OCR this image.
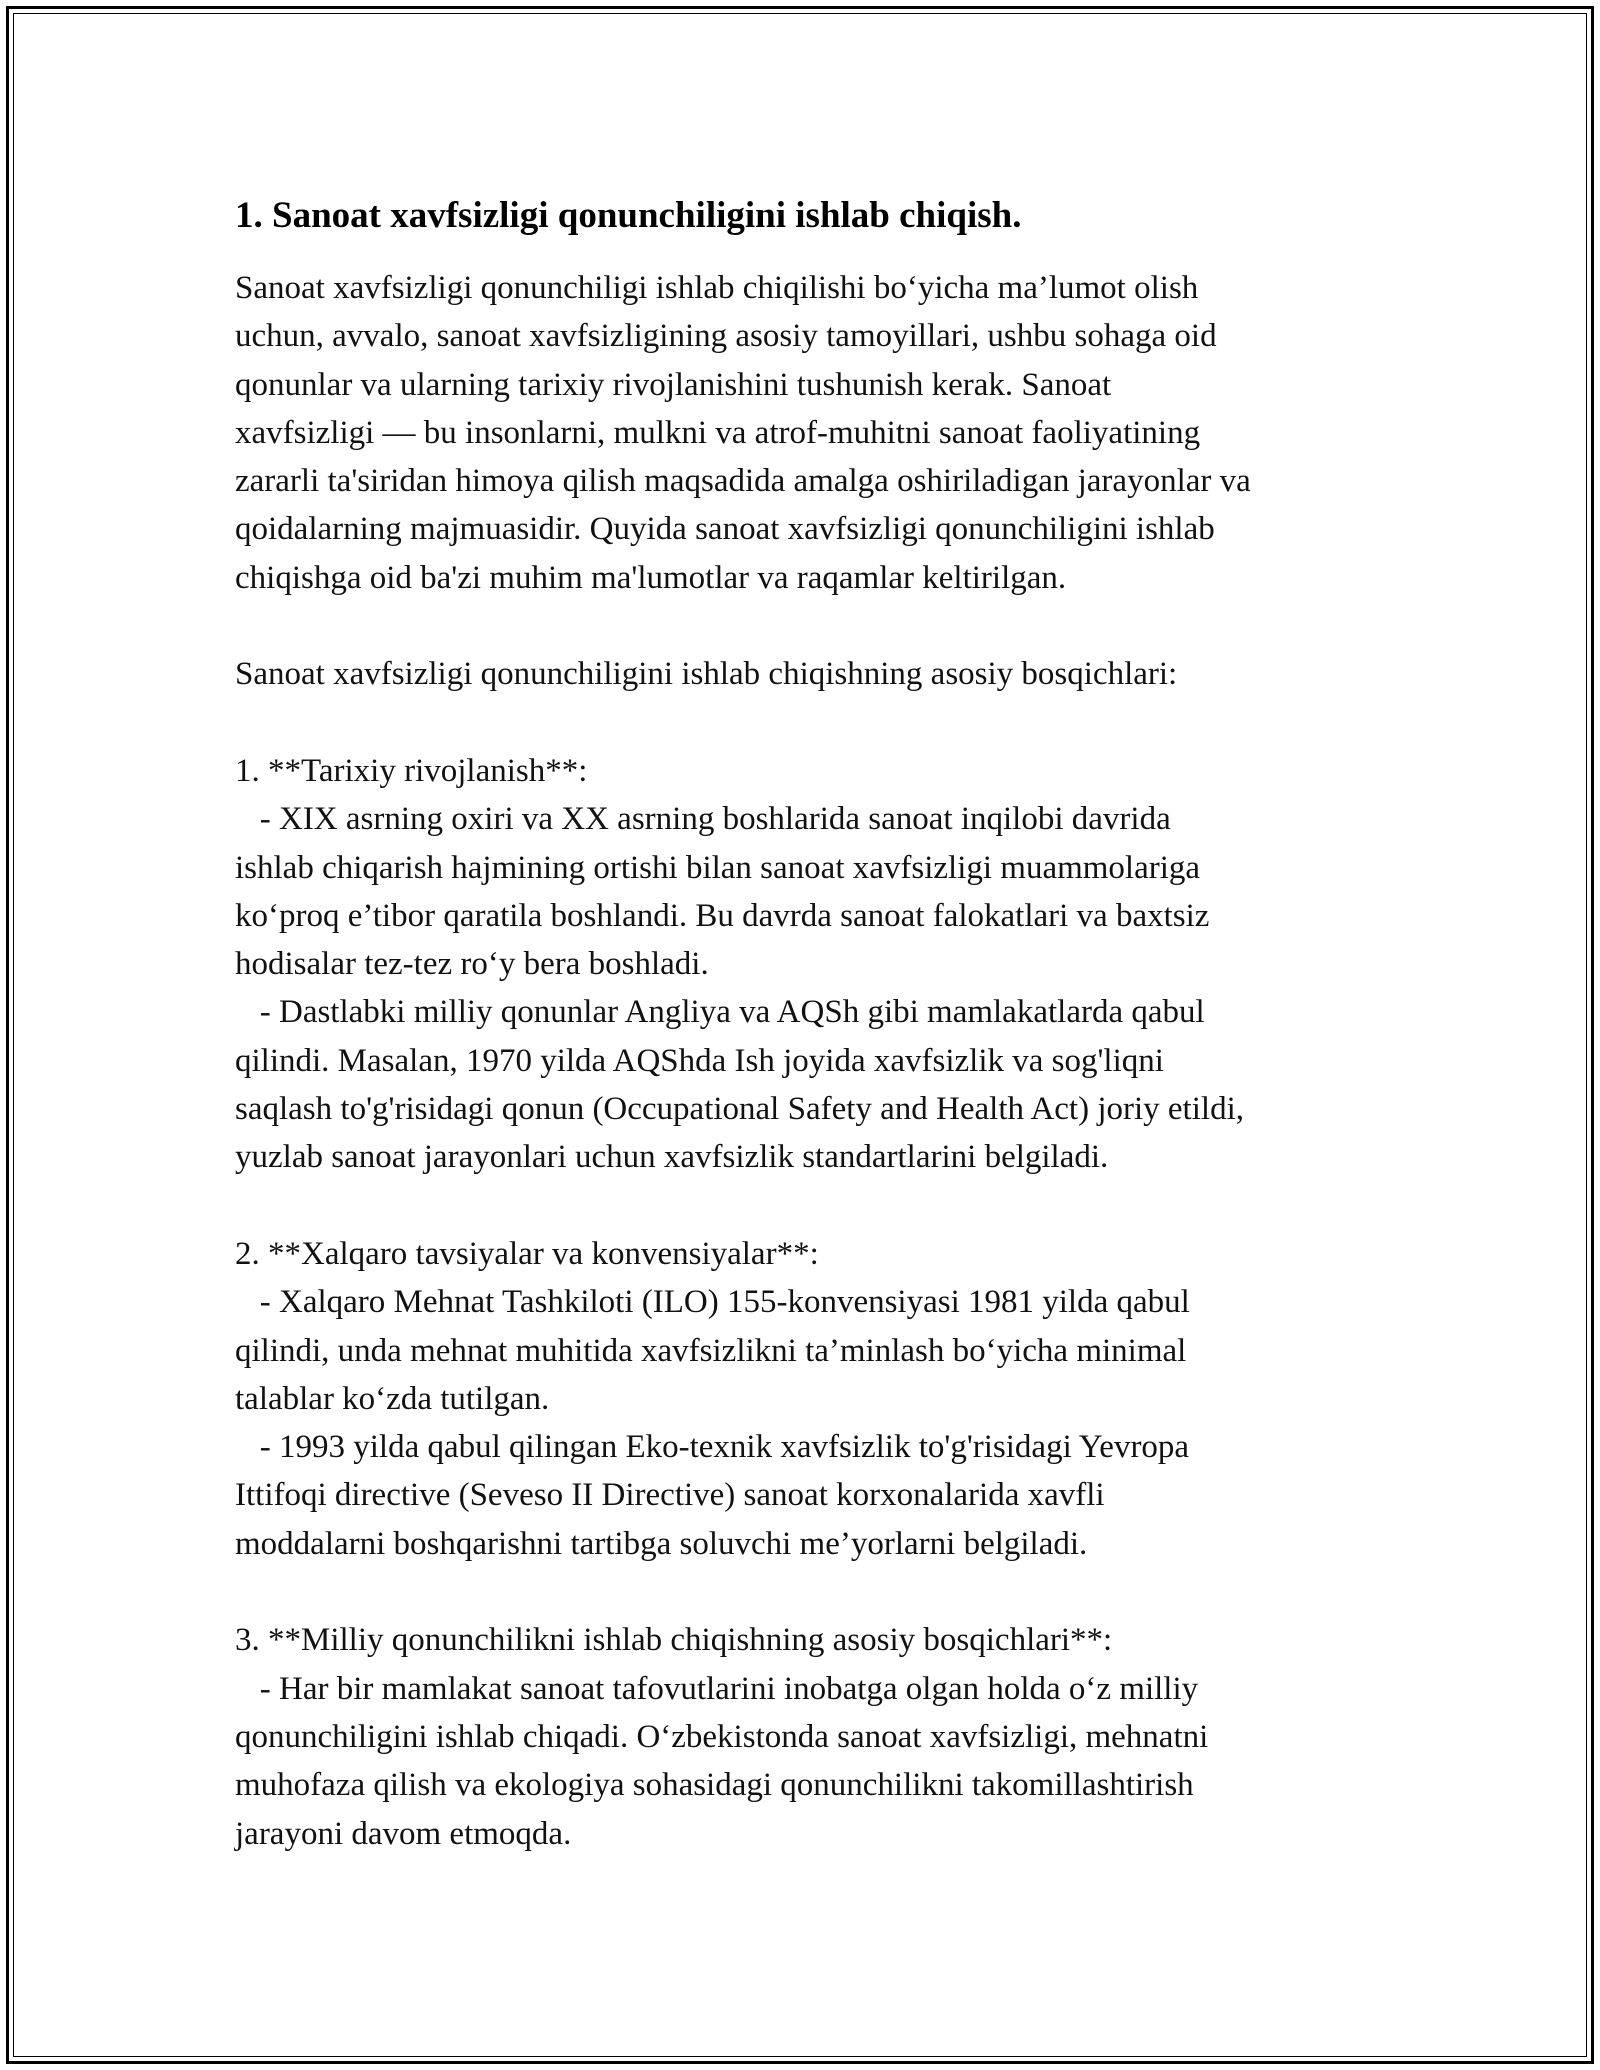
1. Sanoat xavfsizligi qonunchiligini ishlab chiqish.

Sanoat xavfsizligi qonunchiligi ishlab chiqilishi bo‘yicha ma’lumot olish
uchun, avvalo, sanoat xavfsizligining asosiy tamoyillari, ushbu sohaga oid
qonunlar va ularning tarixiy rivojlanishini tushunish kerak. Sanoat
xavfsizligi — bu insonlarni, mulkni va atrof-muhitni sanoat faoliyatining
zararli ta'siridan himoya qilish maqsadida amalga oshiriladigan jarayonlar va
qoidalarning majmuasidir. Quyida sanoat xavfsizligi qonunchiligini ishlab
chiqishga oid ba'zi muhim ma'lumotlar va raqamlar keltirilgan.

Sanoat xavfsizligi qonunchiligini ishlab chiqishning asosiy bosqichlari:

1. **Tarixiy rivojlanish**:
- XIX asrning oxiri va XX asrning boshlarida sanoat inqilobi davrida
ishlab chiqarish hajmining ortishi bilan sanoat xavfsizligi muammolariga
ko‘proq e’tibor qaratila boshlandi. Bu davrda sanoat falokatlari va baxtsiz
hodisalar tez-tez ro‘y bera boshladi.
- Dastlabki milliy qonunlar Angliya va AQSh gibi mamlakatlarda qabul
qilindi. Masalan, 1970 yilda AQShda Ish joyida xavfsizlik va sog'liqni
saqlash to'g'risidagi qonun (Occupational Safety and Health Act) joriy etildi,
yuzlab sanoat jarayonlari uchun xavfsizlik standartlarini belgiladi.

2. **Xalqaro tavsiyalar va konvensiyalar**:
- Xalqaro Mehnat Tashkiloti (ILO) 155-konvensiyasi 1981 yilda qabul
qilindi, unda mehnat muhitida xavfsizlikni ta’minlash bo‘yicha minimal
talablar ko‘zda tutilgan.
- 1993 yilda qabul qilingan Eko-texnik xavfsizlik to'g'risidagi Yevropa
Ittifoqi directive (Seveso II Directive) sanoat korxonalarida xavfli
moddalarni boshqarishni tartibga soluvchi me’yorlarni belgiladi.

3. **Milliy qonunchilikni ishlab chiqishning asosiy bosqichlari**:
- Har bir mamlakat sanoat tafovutlarini inobatga olgan holda o‘z milliy
qonunchiligini ishlab chiqadi. O‘zbekistonda sanoat xavfsizligi, mehnatni
muhofaza qilish va ekologiya sohasidagi qonunchilikni takomillashtirish
jarayoni davom etmoqda.
